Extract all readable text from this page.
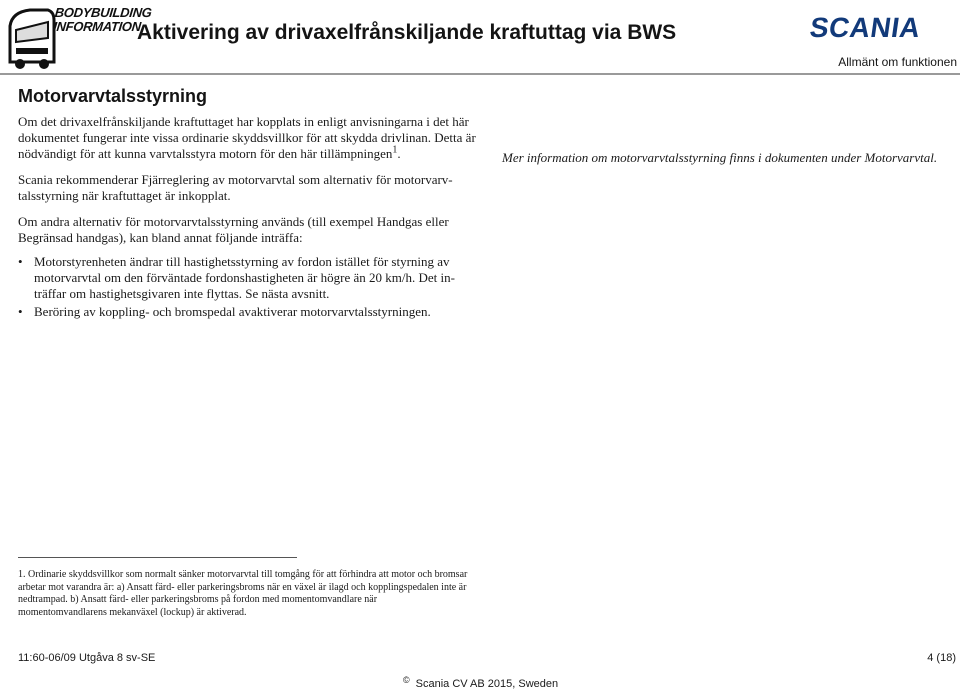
BODYBUILDING
INFORMATION
Aktivering av drivaxelfrånskiljande kraftuttag via BWS	SCANIA
Allmänt om funktionen
Motorvarvtalsstyrning
Om det drivaxelfrånskiljande kraftuttaget har kopplats in enligt anvisningarna i det här dokumentet fungerar inte vissa ordinarie skyddsvillkor för att skydda drivlinan. Detta är nödvändigt för att kunna varvtalsstyra motorn för den här tillämpningen$^1$.
Scania rekommenderar Fjärreglering av motorvarvtal som alternativ för motorvarv-talsstyrning när kraftuttaget är inkopplat.
Om andra alternativ för motorvarvtalsstyrning används (till exempel Handgas eller Begränsad handgas), kan bland annat följande inträffa:
• Motorstyrenheten ändrar till hastighetsstyrning av fordon istället för styrning av motorvarvtal om den förväntade fordonshastigheten är högre än 20 km/h. Det in-träffar om hastighetsgivaren inte flyttas. Se nästa avsnitt.
• Beröring av koppling- och bromspedal avaktiverar motorvarvtalsstyrningen.
Mer information om motorvarvtalsstyrning finns i dokumenten under Motorvarvtal.
1. Ordinarie skyddsvillkor som normalt sänker motorvarvtal till tomgång för att förhindra att motor och bromsar arbetar mot varandra är: a) Ansatt färd- eller parkeringsbroms när en växel är ilagd och kopplingspedalen inte är nedtrampad. b) Ansatt färd- eller parkeringsbroms på fordon med momentomvandlare när momentomvandlarens mekanväxel (lockup) är aktiverad.
11:60-06/09 Utgåva 8 sv-SE	4 (18)
© Scania CV AB 2015, Sweden
